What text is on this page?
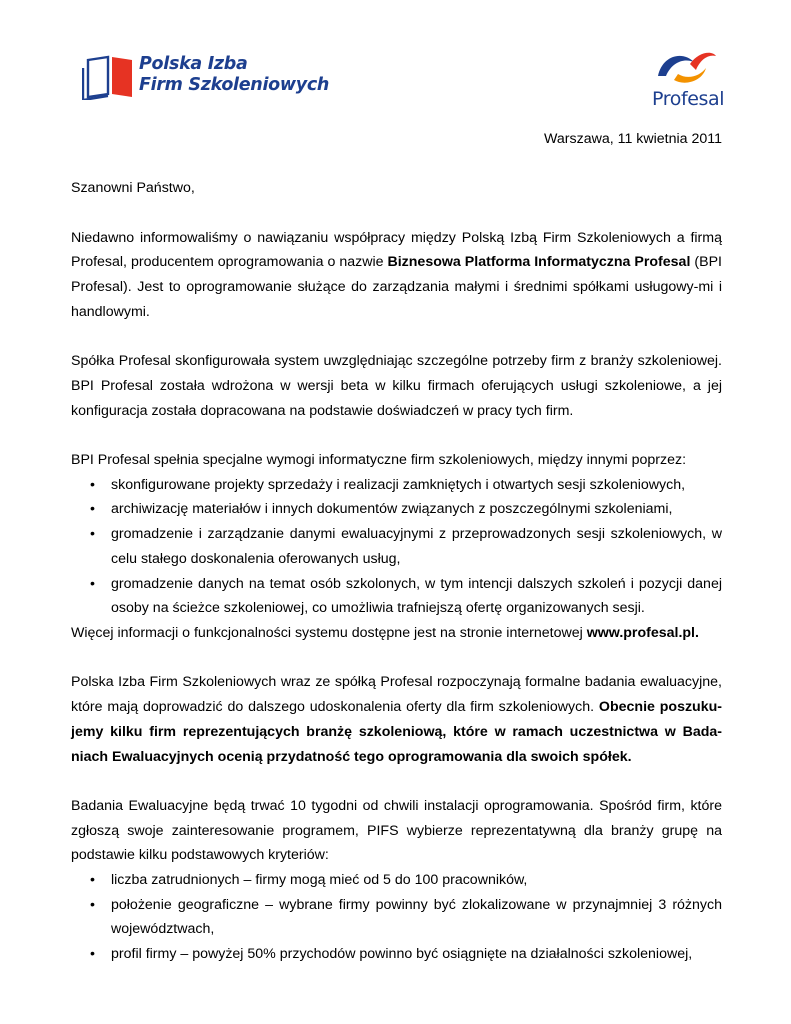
Polska Izba
Firm Szkoleniowych
Profesal

Warszawa, 11 kwietnia 2011

Szanowni Państwo,

Niedawno informowaliśmy o nawiązaniu współpracy między Polską Izbą Firm Szkoleniowych a firmą Profesal, producentem oprogramowania o nazwie Biznesowa Platforma Informatyczna Profesal (BPI Profesal). Jest to oprogramowanie służące do zarządzania małymi i średnimi spółkami usługowy-mi i handlowymi.

Spółka Profesal skonfigurowała system uwzględniając szczególne potrzeby firm z branży szkoleniowej. BPI Profesal została wdrożona w wersji beta w kilku firmach oferujących usługi szkoleniowe, a jej konfiguracja została dopracowana na podstawie doświadczeń w pracy tych firm.

BPI Profesal spełnia specjalne wymogi informatyczne firm szkoleniowych, między innymi poprzez:

• skonfigurowane projekty sprzedaży i realizacji zamkniętych i otwartych sesji szkoleniowych,
• archiwizację materiałów i innych dokumentów związanych z poszczególnymi szkoleniami,
• gromadzenie i zarządzanie danymi ewaluacyjnymi z przeprowadzonych sesji szkoleniowych, w celu stałego doskonalenia oferowanych usług,
• gromadzenie danych na temat osób szkolonych, w tym intencji dalszych szkoleń i pozycji danej osoby na ścieżce szkoleniowej, co umożliwia trafniejszą ofertę organizowanych sesji.

Więcej informacji o funkcjonalności systemu dostępne jest na stronie internetowej www.profesal.pl.

Polska Izba Firm Szkoleniowych wraz ze spółką Profesal rozpoczynają formalne badania ewaluacyjne, które mają doprowadzić do dalszego udoskonalenia oferty dla firm szkoleniowych. Obecnie poszuku-jemy kilku firm reprezentujących branżę szkoleniową, które w ramach uczestnictwa w Bada-niach Ewaluacyjnych ocenią przydatność tego oprogramowania dla swoich spółek.

Badania Ewaluacyjne będą trwać 10 tygodni od chwili instalacji oprogramowania. Spośród firm, które zgłoszą swoje zainteresowanie programem, PIFS wybierze reprezentatywną dla branży grupę na podstawie kilku podstawowych kryteriów:

• liczba zatrudnionych – firmy mogą mieć od 5 do 100 pracowników,
• położenie geograficzne – wybrane firmy powinny być zlokalizowane w przynajmniej 3 różnych województwach,
• profil firmy – powyżej 50% przychodów powinno być osiągnięte na działalności szkoleniowej,
